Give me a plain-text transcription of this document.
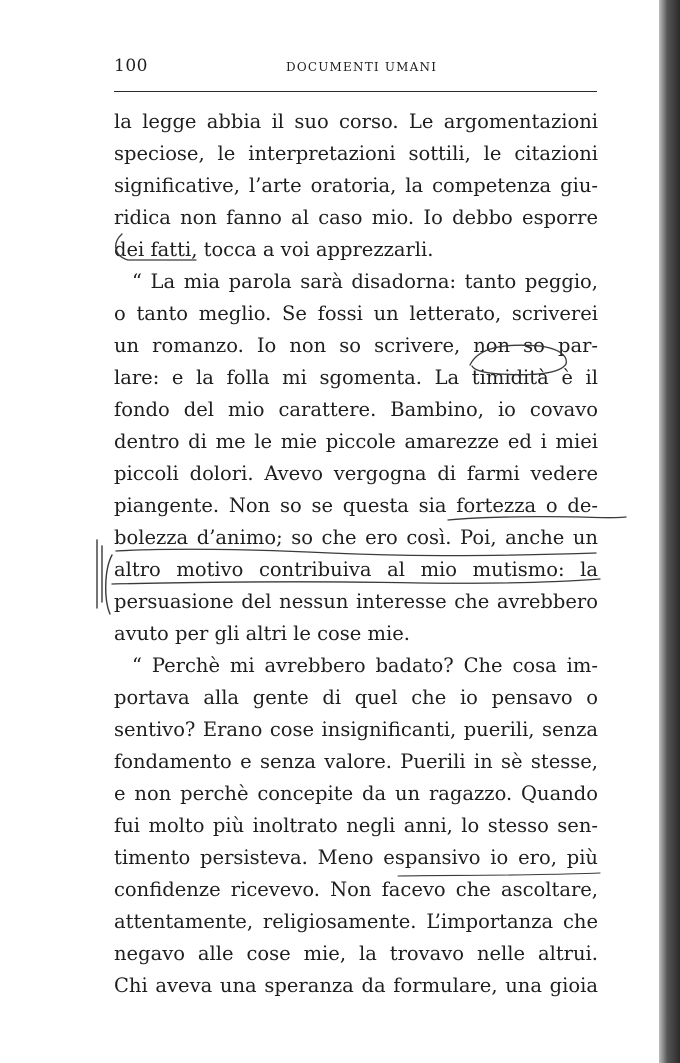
100	DOCUMENTI UMANI
la legge abbia il suo corso. Le argomentazioni
speciose, le interpretazioni sottili, le citazioni
significative, l’arte oratoria, la competenza giu-
ridica non fanno al caso mio. Io debbo esporre
dei fatti, tocca a voi apprezzarli.
“ La mia parola sarà disadorna: tanto peggio,
o tanto meglio. Se fossi un letterato, scriverei
un romanzo. Io non so scrivere, non so par-
lare: e la folla mi sgomenta. La timidità è il
fondo del mio carattere. Bambino, io covavo
dentro di me le mie piccole amarezze ed i miei
piccoli dolori. Avevo vergogna di farmi vedere
piangente. Non so se questa sia fortezza o de-
bolezza d’animo; so che ero così. Poi, anche un
altro motivo contribuiva al mio mutismo: la
persuasione del nessun interesse che avrebbero
avuto per gli altri le cose mie.
“ Perchè mi avrebbero badato? Che cosa im-
portava alla gente di quel che io pensavo o
sentivo? Erano cose insignificanti, puerili, senza
fondamento e senza valore. Puerili in sè stesse,
e non perchè concepite da un ragazzo. Quando
fui molto più inoltrato negli anni, lo stesso sen-
timento persisteva. Meno espansivo io ero, più
confidenze ricevevo. Non facevo che ascoltare,
attentamente, religiosamente. L’importanza che
negavo alle cose mie, la trovavo nelle altrui.
Chi aveva una speranza da formulare, una gioia
